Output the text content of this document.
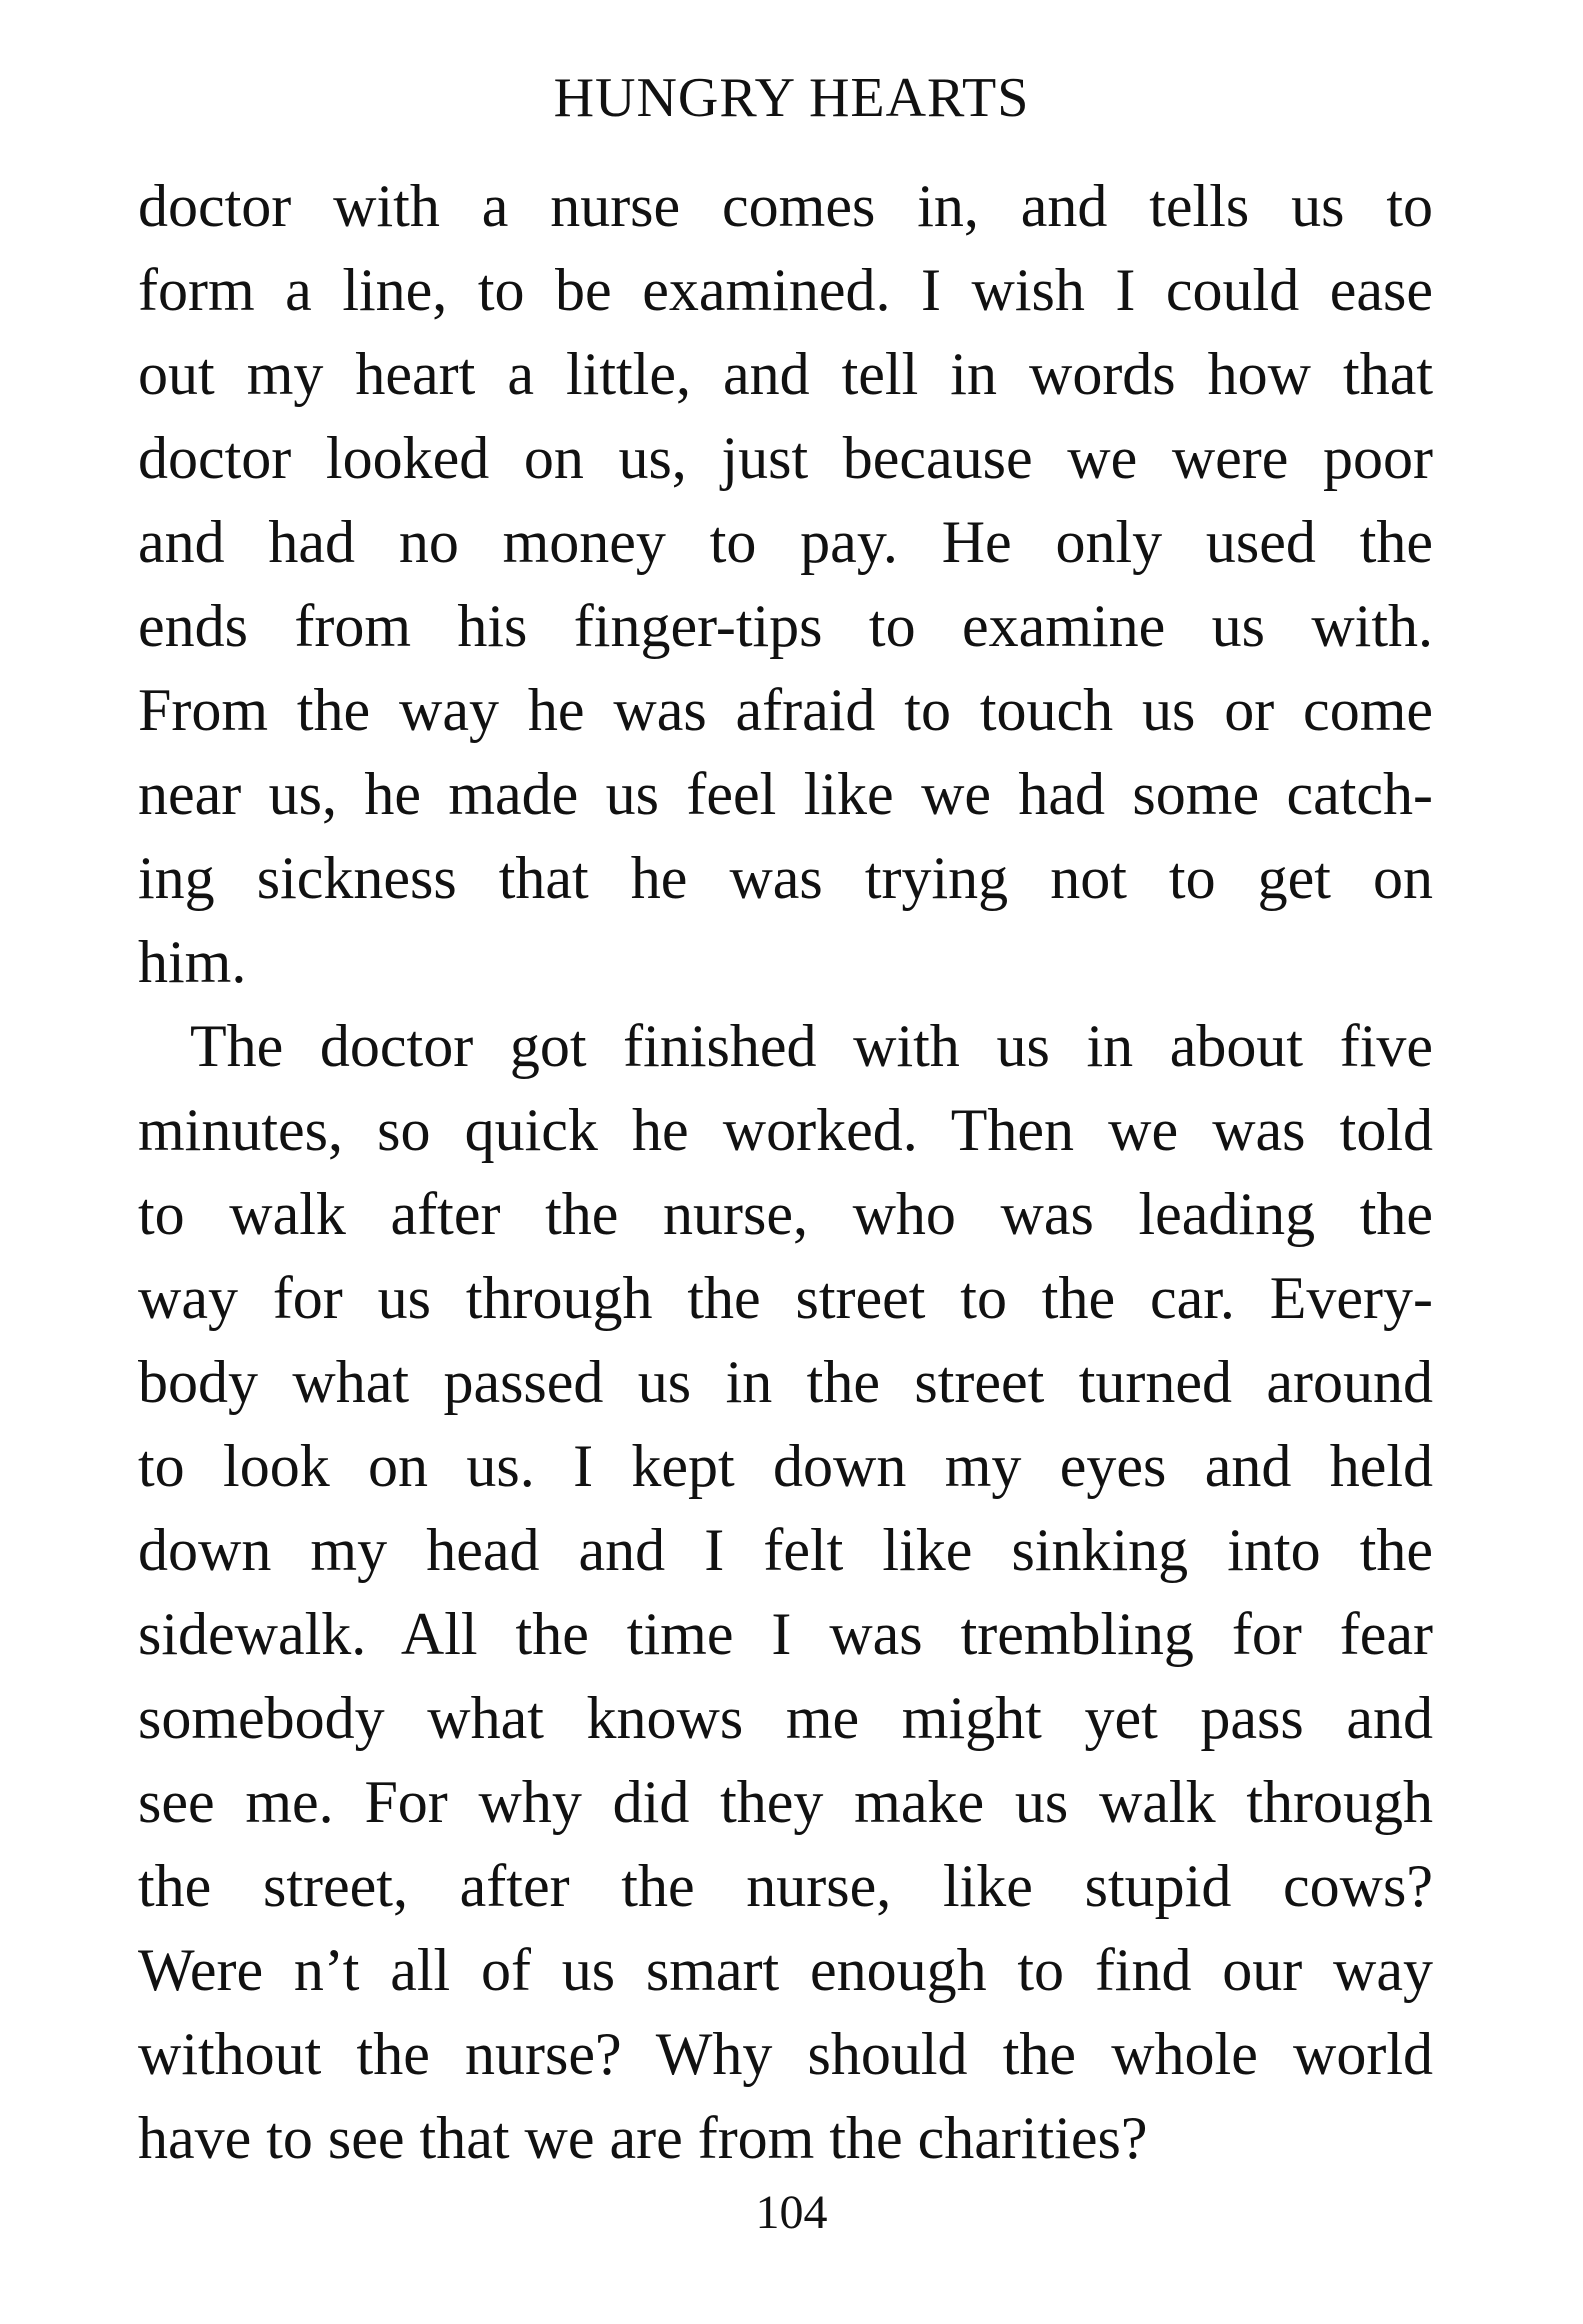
HUNGRY HEARTS
doctor with a nurse comes in, and tells us to
form a line, to be examined. I wish I could ease
out my heart a little, and tell in words how that
doctor looked on us, just because we were poor
and had no money to pay. He only used the
ends from his finger-tips to examine us with.
From the way he was afraid to touch us or come
near us, he made us feel like we had some catch-
ing sickness that he was trying not to get on
him.
The doctor got finished with us in about five
minutes, so quick he worked. Then we was told
to walk after the nurse, who was leading the
way for us through the street to the car. Every-
body what passed us in the street turned around
to look on us. I kept down my eyes and held
down my head and I felt like sinking into the
sidewalk. All the time I was trembling for fear
somebody what knows me might yet pass and
see me. For why did they make us walk through
the street, after the nurse, like stupid cows?
Were n’t all of us smart enough to find our way
without the nurse? Why should the whole world
have to see that we are from the charities?
104
